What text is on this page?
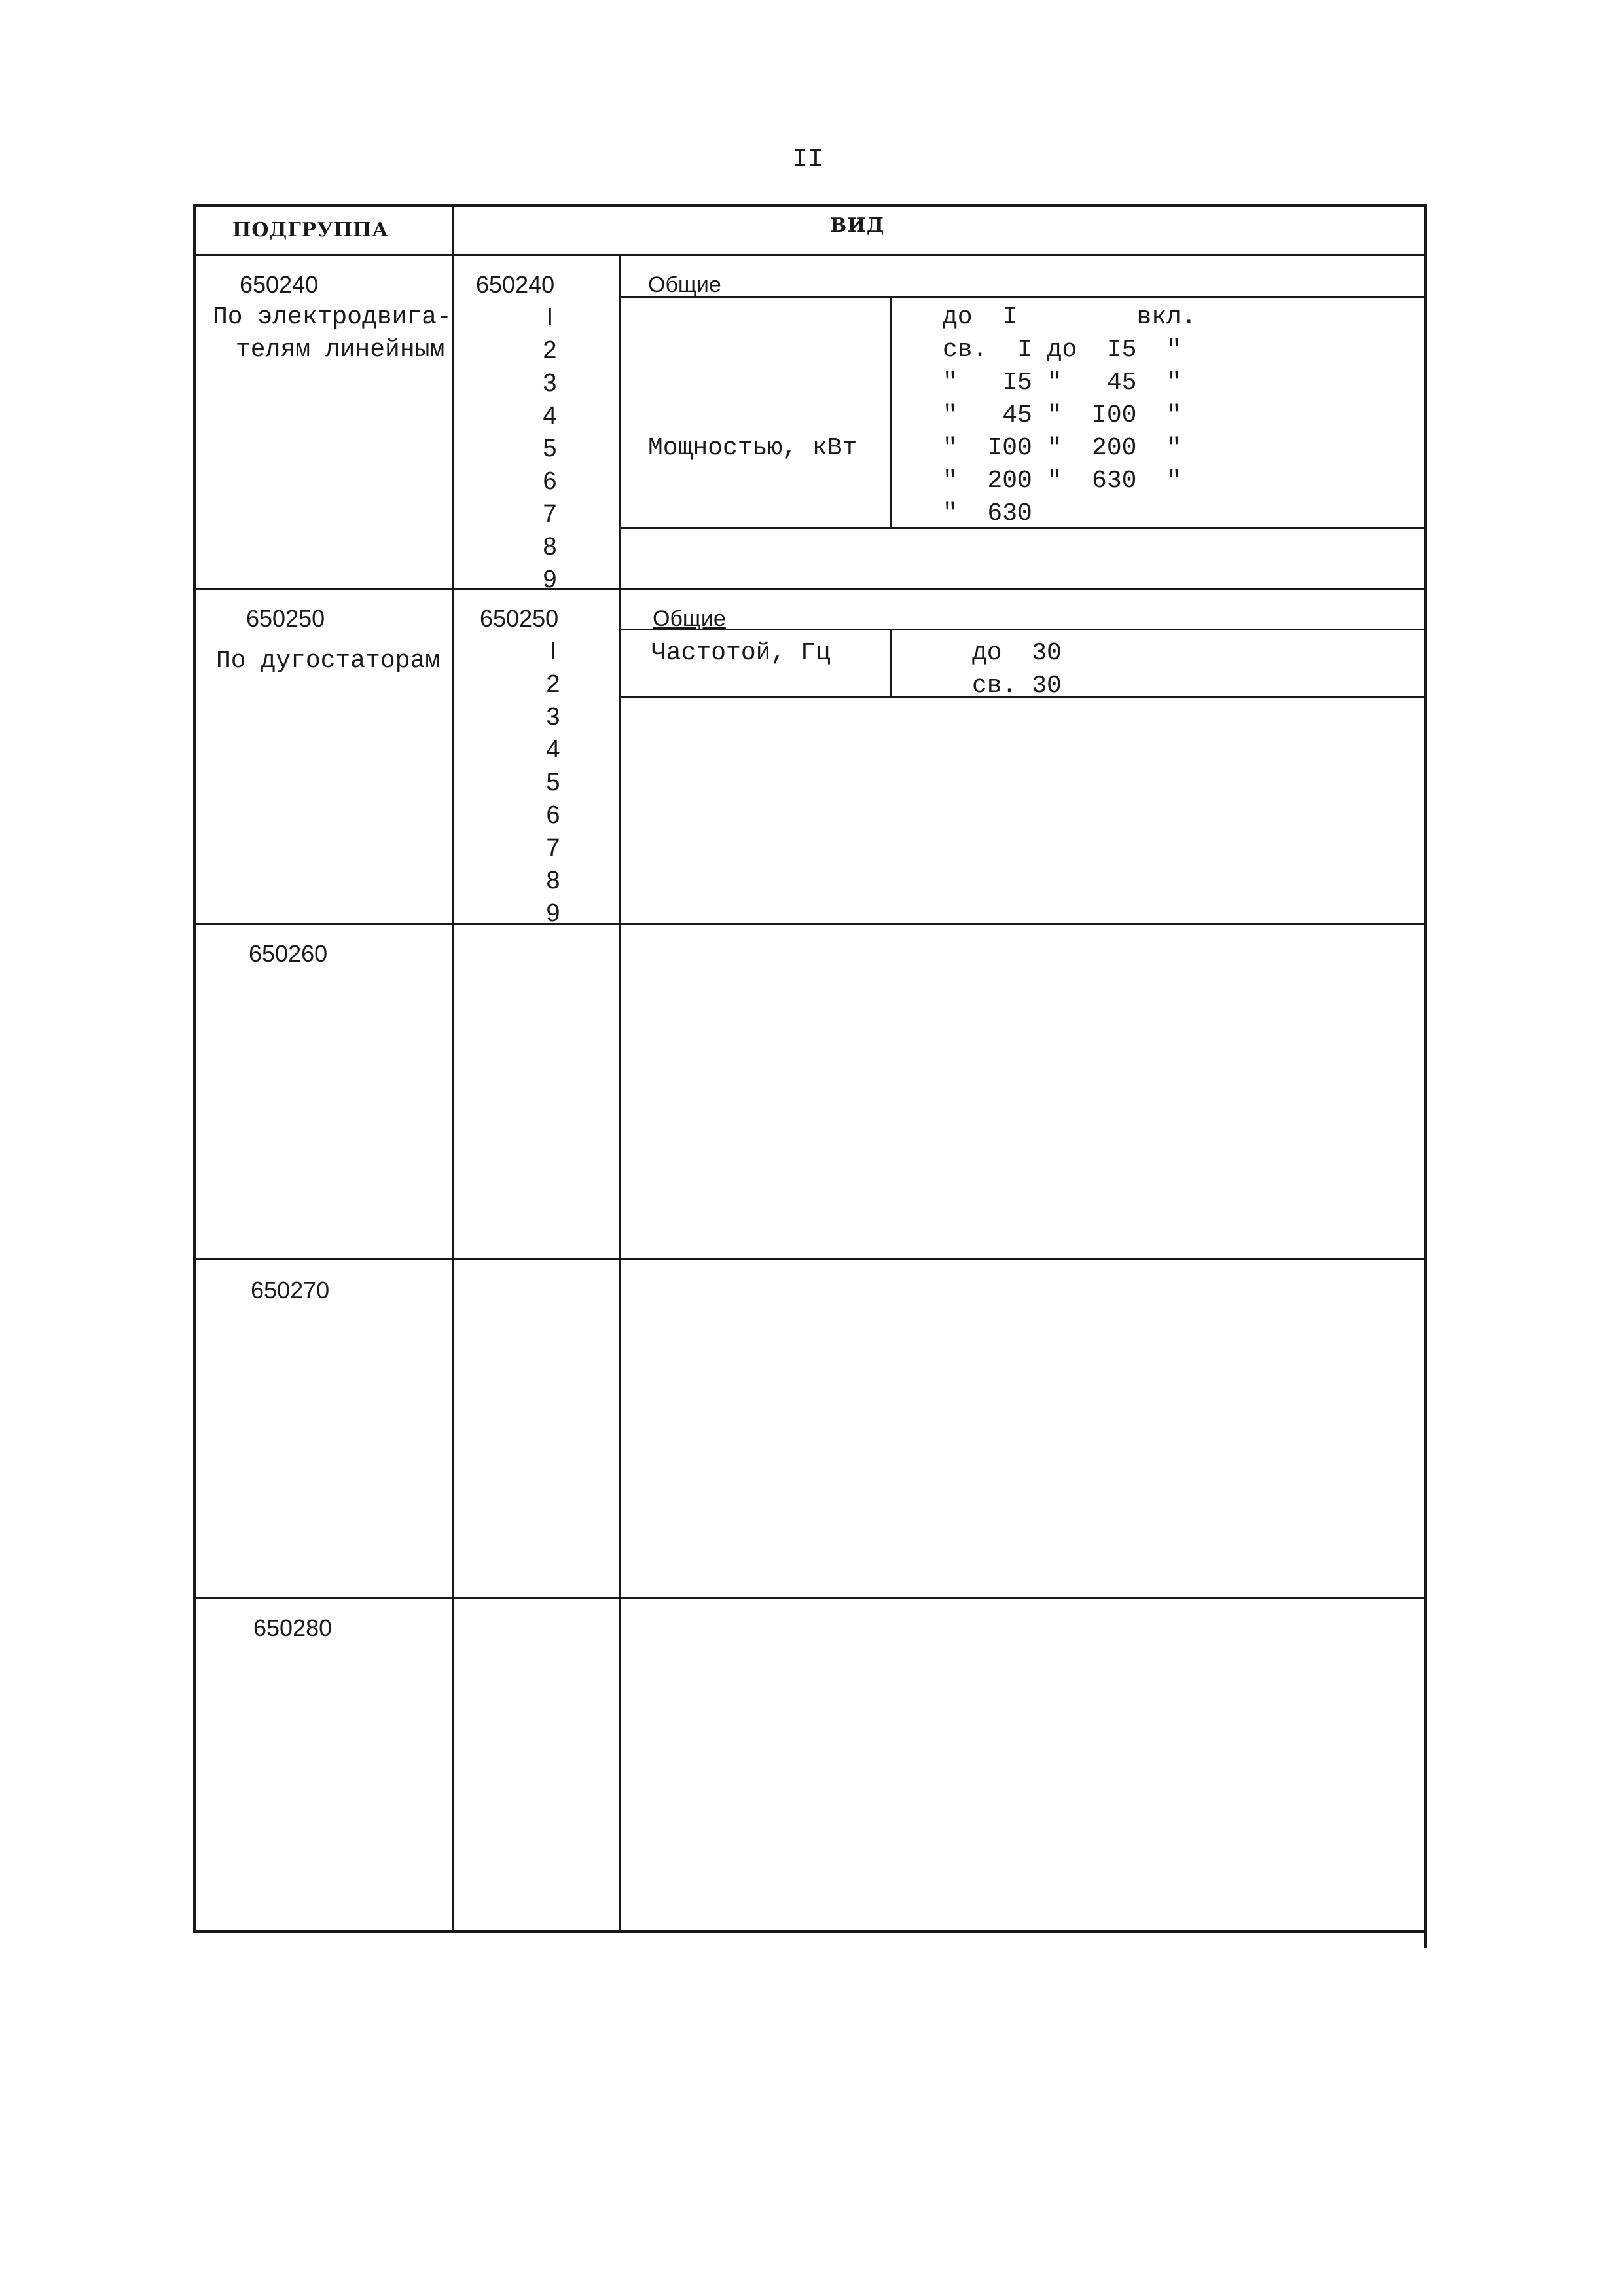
II
ПОДГРУППА	ВИД
650240
По электродвига-
телям линейным
650240
I
2
3
4
5
6
7
8
9
Общие
Мощностью, кВт
до  I        вкл.
св.  I до  I5  "
"   I5 "   45  "
"   45 "  I00  "
"  I00 "  200  "
"  200 "  630  "
"  630
650250
По дугостаторам
650250
I
2
3
4
5
6
7
8
9
Общие
Частотой, Гц	до  30
св. 30
650260
650270
650280
